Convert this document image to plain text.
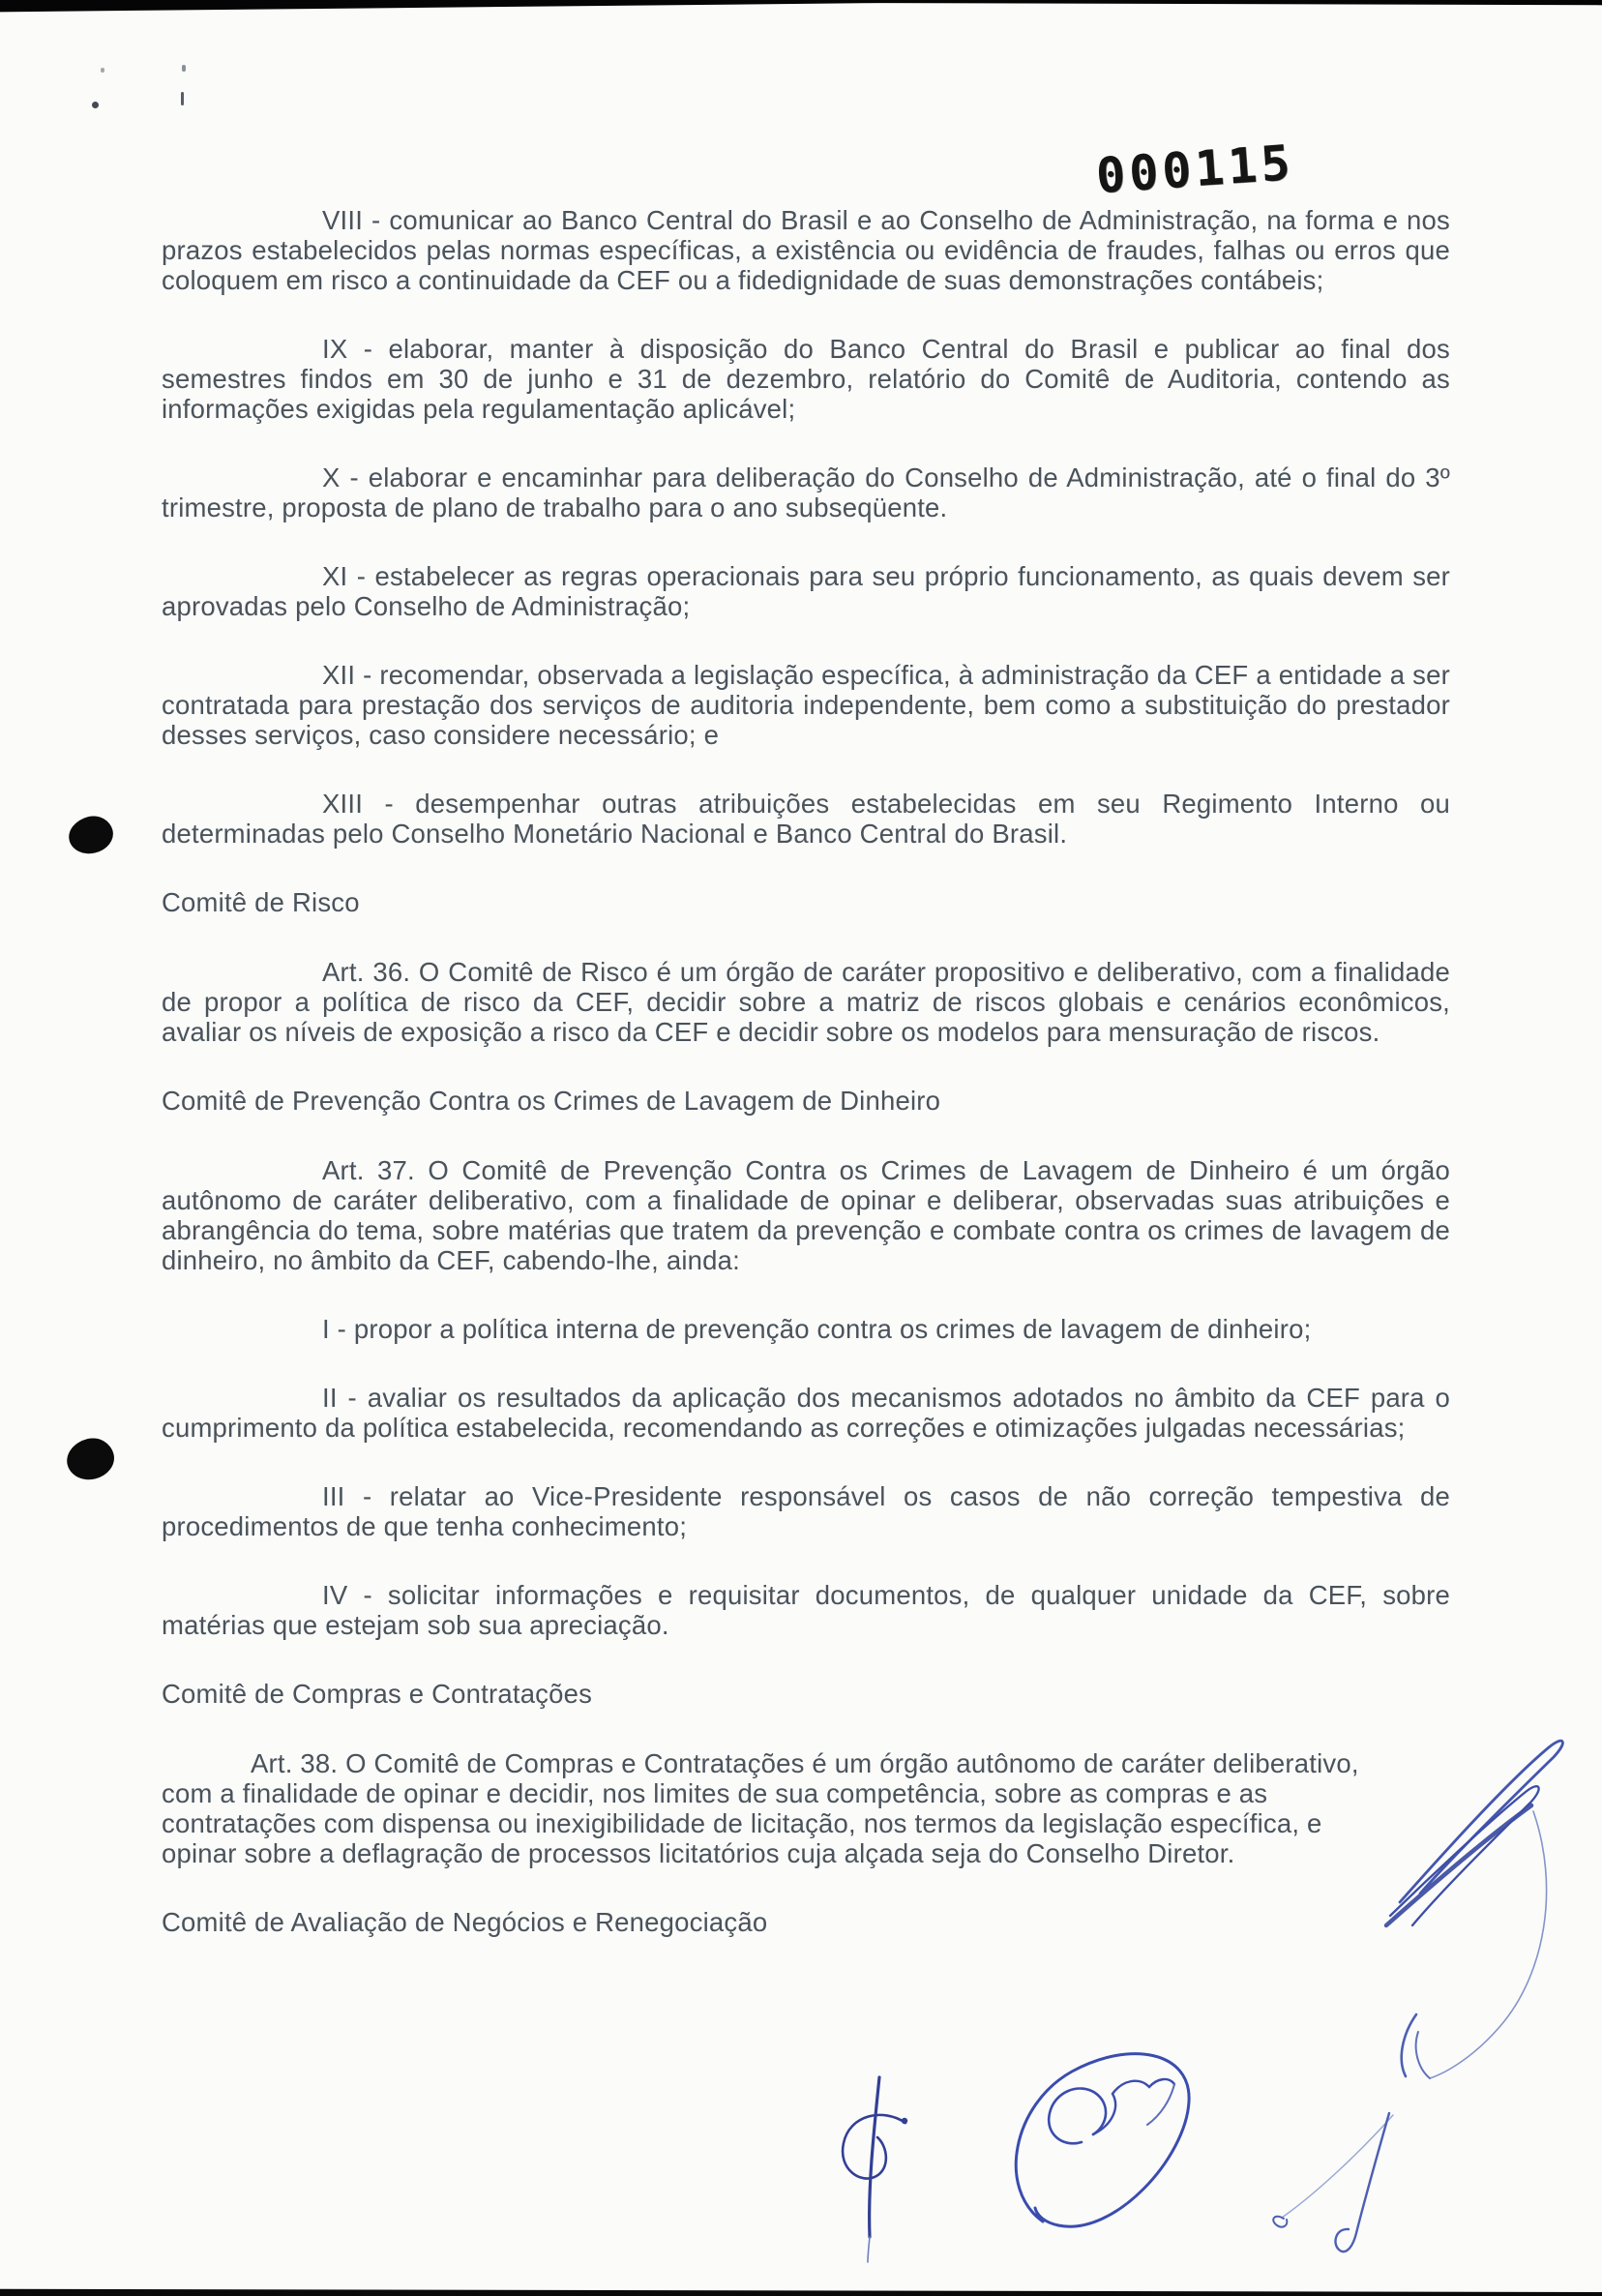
000115

VIII - comunicar ao Banco Central do Brasil e ao Conselho de Administração, na forma e nos prazos estabelecidos pelas normas específicas, a existência ou evidência de fraudes, falhas ou erros que coloquem em risco a continuidade da CEF ou a fidedignidade de suas demonstrações contábeis;

IX - elaborar, manter à disposição do Banco Central do Brasil e publicar ao final dos semestres findos em 30 de junho e 31 de dezembro, relatório do Comitê de Auditoria, contendo as informações exigidas pela regulamentação aplicável;

X - elaborar e encaminhar para deliberação do Conselho de Administração, até o final do 3º trimestre, proposta de plano de trabalho para o ano subseqüente.

XI - estabelecer as regras operacionais para seu próprio funcionamento, as quais devem ser aprovadas pelo Conselho de Administração;

XII - recomendar, observada a legislação específica, à administração da CEF a entidade a ser contratada para prestação dos serviços de auditoria independente, bem como a substituição do prestador desses serviços, caso considere necessário; e

XIII - desempenhar outras atribuições estabelecidas em seu Regimento Interno ou determinadas pelo Conselho Monetário Nacional e Banco Central do Brasil.

Comitê de Risco

Art. 36. O Comitê de Risco é um órgão de caráter propositivo e deliberativo, com a finalidade de propor a política de risco da CEF, decidir sobre a matriz de riscos globais e cenários econômicos, avaliar os níveis de exposição a risco da CEF e decidir sobre os modelos para mensuração de riscos.

Comitê de Prevenção Contra os Crimes de Lavagem de Dinheiro

Art. 37. O Comitê de Prevenção Contra os Crimes de Lavagem de Dinheiro é um órgão autônomo de caráter deliberativo, com a finalidade de opinar e deliberar, observadas suas atribuições e abrangência do tema, sobre matérias que tratem da prevenção e combate contra os crimes de lavagem de dinheiro, no âmbito da CEF, cabendo-lhe, ainda:

I - propor a política interna de prevenção contra os crimes de lavagem de dinheiro;

II - avaliar os resultados da aplicação dos mecanismos adotados no âmbito da CEF para o cumprimento da política estabelecida, recomendando as correções e otimizações julgadas necessárias;

III - relatar ao Vice-Presidente responsável os casos de não correção tempestiva de procedimentos de que tenha conhecimento;

IV - solicitar informações e requisitar documentos, de qualquer unidade da CEF, sobre matérias que estejam sob sua apreciação.

Comitê de Compras e Contratações

Art. 38. O Comitê de Compras e Contratações é um órgão autônomo de caráter deliberativo, com a finalidade de opinar e decidir, nos limites de sua competência, sobre as compras e as contratações com dispensa ou inexigibilidade de licitação, nos termos da legislação específica, e opinar sobre a deflagração de processos licitatórios cuja alçada seja do Conselho Diretor.

Comitê de Avaliação de Negócios e Renegociação
